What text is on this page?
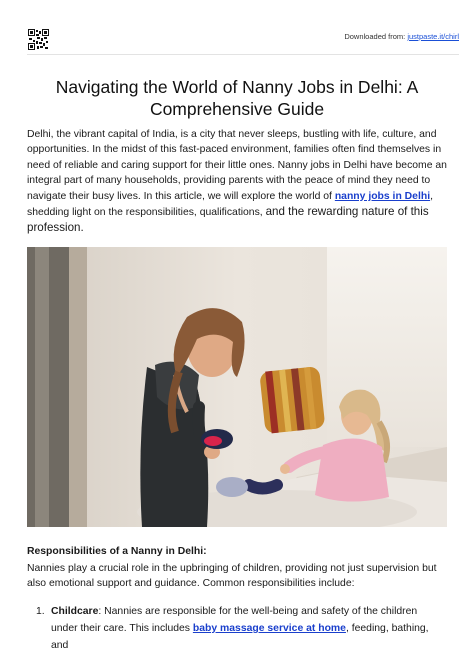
Downloaded from: justpaste.it/chirl
Navigating the World of Nanny Jobs in Delhi: A
Comprehensive Guide

Delhi, the vibrant capital of India, is a city that never sleeps, bustling with life, culture, and opportunities. In the midst of this fast-paced environment, families often find themselves in need of reliable and caring support for their little ones. Nanny jobs in Delhi have become an integral part of many households, providing parents with the peace of mind they need to navigate their busy lives. In this article, we will explore the world of nanny jobs in Delhi, shedding light on the responsibilities, qualifications, and the rewarding nature of this profession.

Responsibilities of a Nanny in Delhi:

Nannies play a crucial role in the upbringing of children, providing not just supervision but also emotional support and guidance. Common responsibilities include:

1. Childcare: Nannies are responsible for the well-being and safety of the children under their care. This includes baby massage service at home, feeding, bathing, and
